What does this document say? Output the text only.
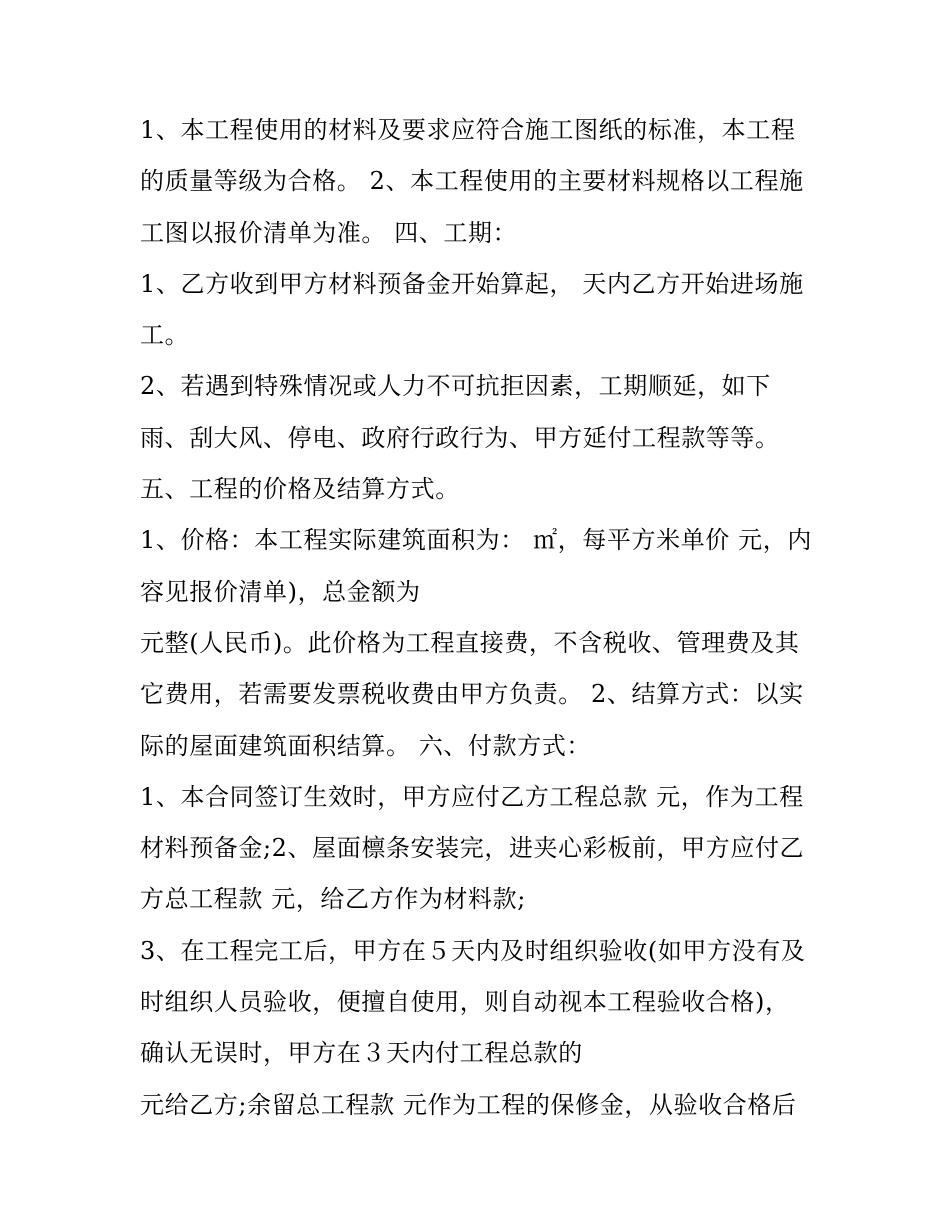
1、本工程使用的材料及要求应符合施工图纸的标准，本工程
的质量等级为合格。 2、本工程使用的主要材料规格以工程施
工图以报价清单为准。 四、工期：
1、乙方收到甲方材料预备金开始算起， 天内乙方开始进场施
工。
2、若遇到特殊情况或人力不可抗拒因素，工期顺延，如下
雨、刮大风、停电、政府行政行为、甲方延付工程款等等。
五、工程的价格及结算方式。
1、价格：本工程实际建筑面积为： ㎡，每平方米单价 元，内
容见报价清单)，总金额为
元整(人民币)。此价格为工程直接费，不含税收、管理费及其
它费用，若需要发票税收费由甲方负责。 2、结算方式：以实
际的屋面建筑面积结算。 六、付款方式：
1、本合同签订生效时，甲方应付乙方工程总款 元，作为工程
材料预备金;2、屋面檩条安装完，进夹心彩板前，甲方应付乙
方总工程款 元，给乙方作为材料款;
3、在工程完工后，甲方在５天内及时组织验收(如甲方没有及
时组织人员验收，便擅自使用，则自动视本工程验收合格)，
确认无误时，甲方在３天内付工程总款的
元给乙方;余留总工程款 元作为工程的保修金，从验收合格后
